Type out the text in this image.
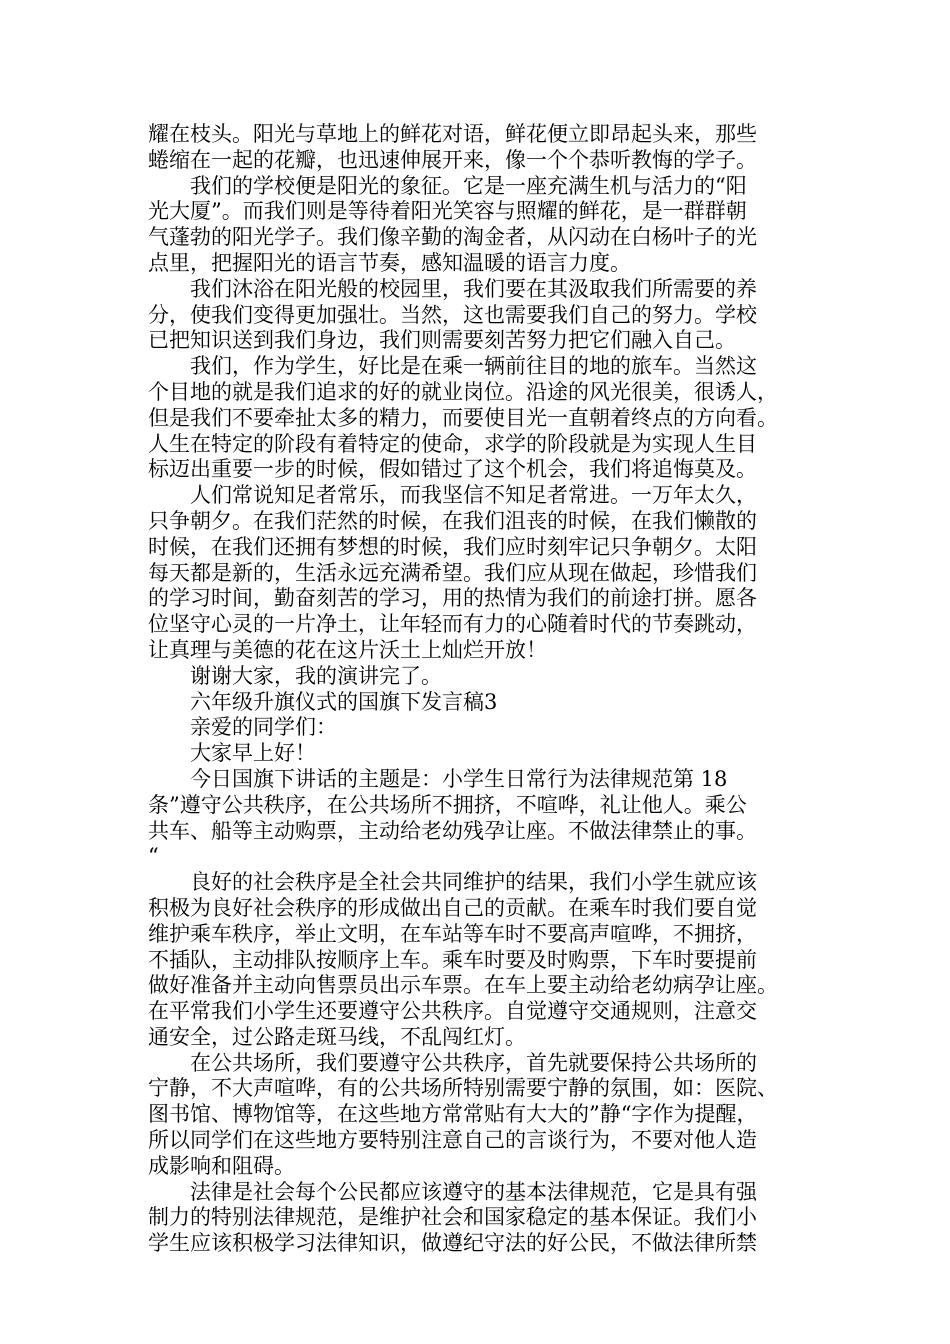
耀在枝头。阳光与草地上的鲜花对语，鲜花便立即昂起头来，那些
蜷缩在一起的花瓣，也迅速伸展开来，像一个个恭听教悔的学子。

我们的学校便是阳光的象征。它是一座充满生机与活力的“阳
光大厦”。而我们则是等待着阳光笑容与照耀的鲜花，是一群群朝
气蓬勃的阳光学子。我们像辛勤的淘金者，从闪动在白杨叶子的光
点里，把握阳光的语言节奏，感知温暖的语言力度。

我们沐浴在阳光般的校园里，我们要在其汲取我们所需要的养
分，使我们变得更加强壮。当然，这也需要我们自己的努力。学校
已把知识送到我们身边，我们则需要刻苦努力把它们融入自己。

我们，作为学生，好比是在乘一辆前往目的地的旅车。当然这
个目地的就是我们追求的好的就业岗位。沿途的风光很美，很诱人，
但是我们不要牵扯太多的精力，而要使目光一直朝着终点的方向看。
人生在特定的阶段有着特定的使命，求学的阶段就是为实现人生目
标迈出重要一步的时候，假如错过了这个机会，我们将追悔莫及。

人们常说知足者常乐，而我坚信不知足者常进。一万年太久，
只争朝夕。在我们茫然的时候，在我们沮丧的时候，在我们懒散的
时候，在我们还拥有梦想的时候，我们应时刻牢记只争朝夕。太阳
每天都是新的，生活永远充满希望。我们应从现在做起，珍惜我们
的学习时间，勤奋刻苦的学习，用的热情为我们的前途打拼。愿各
位坚守心灵的一片净土，让年轻而有力的心随着时代的节奏跳动，
让真理与美德的花在这片沃土上灿烂开放！

谢谢大家，我的演讲完了。

六年级升旗仪式的国旗下发言稿3

亲爱的同学们：

大家早上好！

今日国旗下讲话的主题是：小学生日常行为法律规范第 18
条”遵守公共秩序，在公共场所不拥挤，不喧哗，礼让他人。乘公
共车、船等主动购票，主动给老幼残孕让座。不做法律禁止的事。
“

良好的社会秩序是全社会共同维护的结果，我们小学生就应该
积极为良好社会秩序的形成做出自己的贡献。在乘车时我们要自觉
维护乘车秩序，举止文明，在车站等车时不要高声喧哗，不拥挤，
不插队，主动排队按顺序上车。乘车时要及时购票，下车时要提前
做好准备并主动向售票员出示车票。在车上要主动给老幼病孕让座。
在平常我们小学生还要遵守公共秩序。自觉遵守交通规则，注意交
通安全，过公路走斑马线，不乱闯红灯。

在公共场所，我们要遵守公共秩序，首先就要保持公共场所的
宁静，不大声喧哗，有的公共场所特别需要宁静的氛围，如：医院、
图书馆、博物馆等，在这些地方常常贴有大大的”静“字作为提醒，
所以同学们在这些地方要特别注意自己的言谈行为，不要对他人造
成影响和阻碍。

法律是社会每个公民都应该遵守的基本法律规范，它是具有强
制力的特别法律规范，是维护社会和国家稳定的基本保证。我们小
学生应该积极学习法律知识，做遵纪守法的好公民，不做法律所禁
